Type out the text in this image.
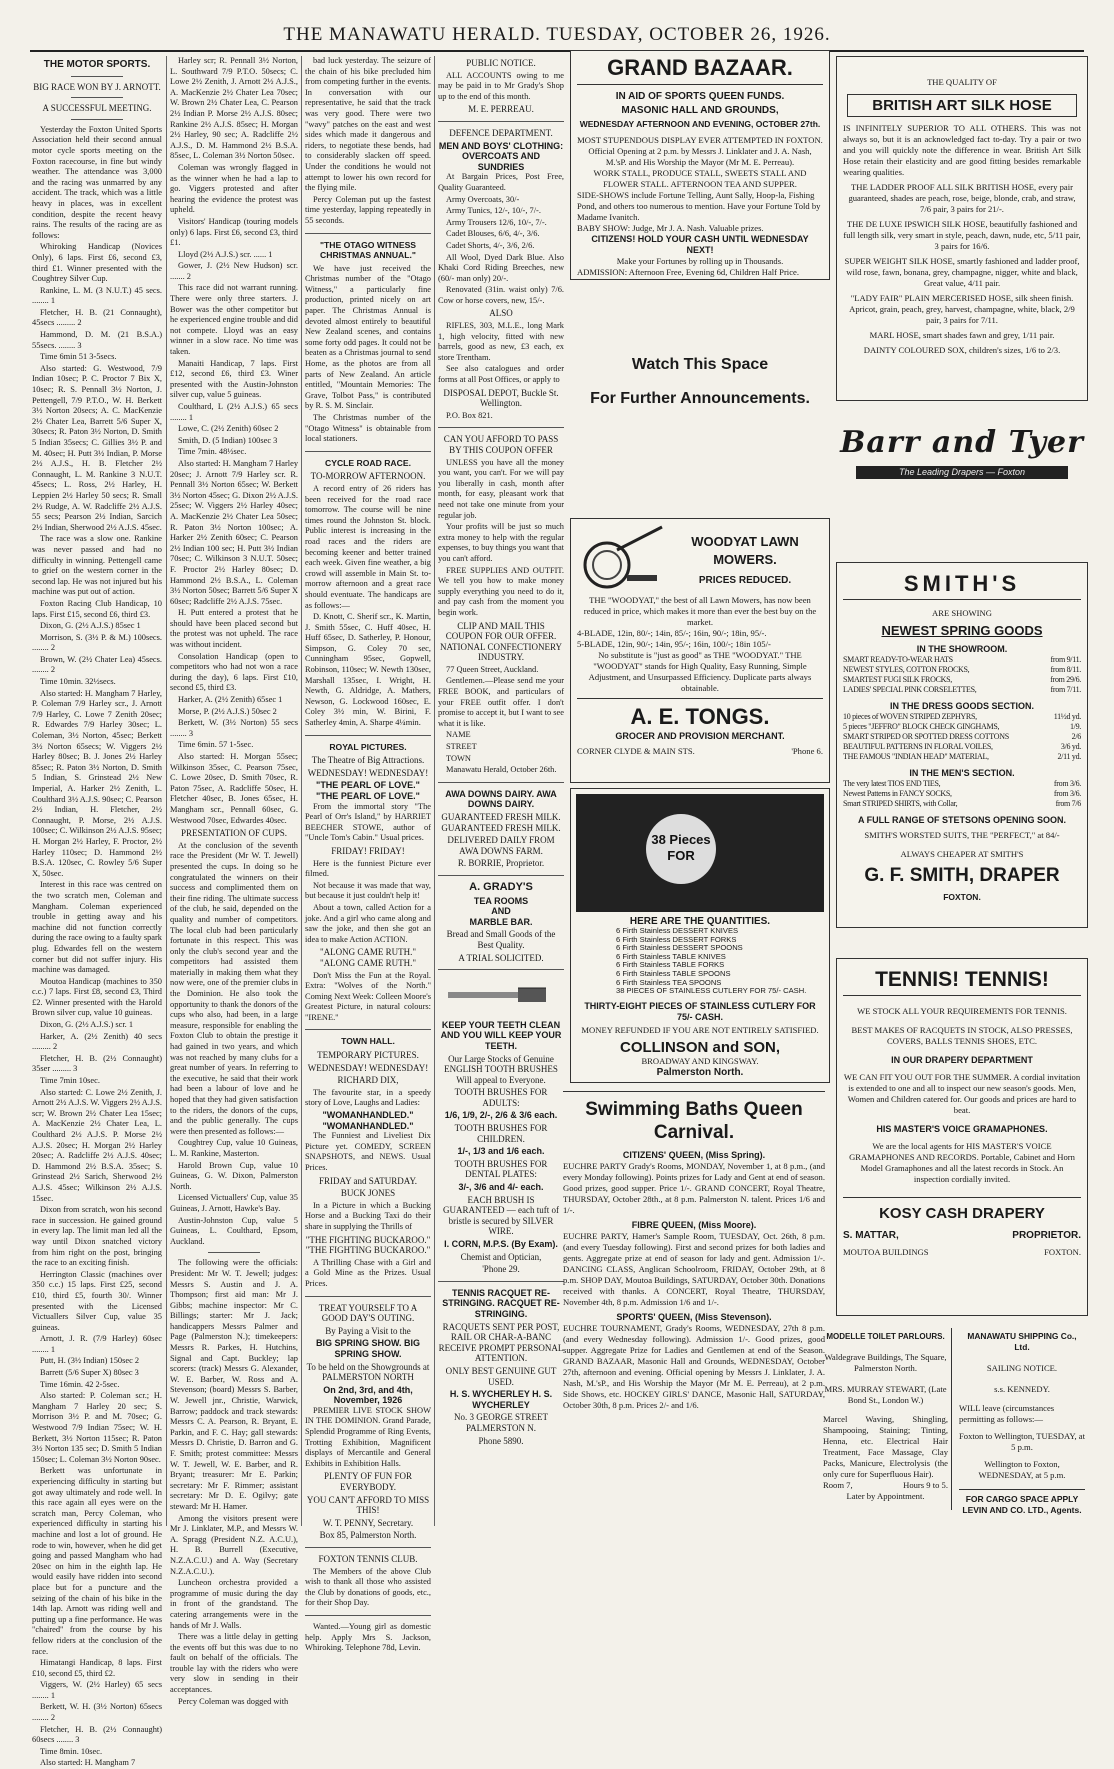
THE MANAWATU HERALD. TUESDAY, OCTOBER 26, 1926.
THE MOTOR SPORTS.
BIG RACE WON BY J. ARNOTT.
A SUCCESSFUL MEETING.

Yesterday the Foxton United Sports Association held their second annual motor cycle sports meeting on the Foxton racecourse, in fine but windy weather. The attendance was 3,000 and the racing was unmarred by any accident. The track, which was a little heavy in places, was in excellent condition, despite the recent heavy rains. The results of the racing are as follows:

Whiroking Handicap (Novices Only), 6 laps. First £6, second £3, third £1. Winner presented with the Coughtrey Silver Cup.

Rankine, L. M. (3 N.U.T.) 45 secs. ........ 1

Fletcher, H. B. (21 Connaught), 45secs ......... 2

Hammond, D. M. (21 B.S.A.) 55secs. ........ 3

Time 6min 51 3-5secs.

Also started: G. Westwood, 7/9 Indian 10sec; P. C. Proctor 7 Bix X, 10sec; R. S. Pennall 3½ Norton, J. Pettengell, 7/9 P.T.O., W. H. Berkett 3½ Norton 20secs; A. C. MacKenzie 2½ Chater Lea, Barrett 5/6 Super X, 30secs; R. Paton 3½ Norton, D. Smith 5 Indian 35secs; C. Gillies 3½ P. and M. 40sec; H. Putt 3½ Indian, P. Morse 2½ A.J.S., H. B. Fletcher 2½ Connaught, L. M. Rankine 3 N.U.T. 45secs; L. Ross, 2½ Harley, H. Leppien 2½ Harley 50 secs; R. Small 2½ Rudge, A. W. Radcliffe 2½ A.J.S. 55 secs; Pearson 2½ Indian, Sarcich 2½ Indian, Sherwood 2½ A.J.S. 45sec.

The race was a slow one. Rankine was never passed and had no difficulty in winning. Pettengell came to grief on the western corner in the second lap. He was not injured but his machine was put out of action.

Foxton Racing Club Handicap, 10 laps. First £15, second £6, third £3.

Dixon, G. (2½ A.J.S.) 85sec 1

Morrison, S. (3½ P. & M.) 100secs. ........ 2

Brown, W. (2½ Chater Lea) 45secs. ........ 2

Time 10min. 32½secs.

Also started: H. Mangham 7 Harley, P. Coleman 7/9 Harley scr., J. Arnott 7/9 Harley, C. Lowe 7 Zenith 20sec; R. Edwardes 7/9 Harley 30sec; L. Coleman, 3½ Norton, 45sec; Berkett 3½ Norton 65secs; W. Viggers 2½ Harley 80sec; B. J. Jones 2½ Harley 85sec; R. Paton 3½ Norton, D. Smith 5 Indian, S. Grinstead 2½ New Imperial, A. Harker 2½ Zenith, L. Coulthard 3½ A.J.S. 90sec; C. Pearson 2½ Indian, H. Fletcher, 2½ Connaught, P. Morse, 2½ A.J.S. 100sec; C. Wilkinson 2½ A.J.S. 95sec; H. Morgan 2½ Harley, F. Proctor, 2½ Harley 110sec; D. Hammond 2½ B.S.A. 120sec, C. Rowley 5/6 Super X, 50sec.

Interest in this race was centred on the two scratch men, Coleman and Mangham. Coleman experienced trouble in getting away and his machine did not function correctly during the race owing to a faulty spark plug. Edwardes fell on the western corner but did not suffer injury. His machine was damaged.

Moutoa Handicap (machines to 350 c.c.) 7 laps. First £8, second £3, Third £2. Winner presented with the Harold Brown silver cup, value 10 guineas.

Dixon, G. (2½ A.J.S.) scr. 1

Harker, A. (2½ Zenith) 40 secs ......... 2

Fletcher, H. B. (2½ Connaught) 35ser ......... 3

Time 7min 10sec.

Also started: C. Lowe 2½ Zenith, J. Arnott 2½ A.J.S. W. Viggers 2½ A.J.S. scr; W. Brown 2½ Chater Lea 15sec; A. MacKenzie 2½ Chater Lea, L. Coulthard 2½ A.J.S. P. Morse 2½ A.J.S. 20sec; H. Morgan 2½ Harley 20sec; A. Radcliffe 2½ A.J.S. 40sec; D. Hammond 2½ B.S.A. 35sec; S. Grinstead 2½ Sarich, Sherwood 2½ A.J.S. 45sec; Wilkinson 2½ A.J.S. 15sec.

Dixon from scratch, won his second race in succession. He gained ground in every lap. The limit man led all the way until Dixon snatched victory from him right on the post, bringing the race to an exciting finish.

Herrington Classic (machines over 350 c.c.) 15 laps. First £25, second £10, third £5, fourth 30/. Winner presented with the Licensed Victuallers Silver Cup, value 35 guineas.

Arnott, J. R. (7/9 Harley) 60sec ........ 1

Putt, H. (3½ Indian) 150sec 2

Barrett (5/6 Super X) 80sec 3

Time 16min. 42 2-5sec.

Also started: P. Coleman scr.; H. Mangham 7 Harley 20 sec; S. Morrison 3½ P. and M. 70sec; G. Westwood 7/9 Indian 75sec; W. H. Berkett, 3½ Norton 115sec; R. Paton 3½ Norton 135 sec; D. Smith 5 Indian 150sec; L. Coleman 3½ Norton 90sec.

Berkett was unfortunate in experiencing difficulty in starting but got away ultimately and rode well. In this race again all eyes were on the scratch man, Percy Coleman, who experienced difficulty in starting his machine and lost a lot of ground. He rode to win, however, when he did get going and passed Mangham who had 20sec on him in the eighth lap. He would easily have ridden into second place but for a puncture and the seizing of the chain of his bike in the 14th lap. Arnott was riding well and putting up a fine performance. He was "chaired" from the course by his fellow riders at the conclusion of the race.

Himatangi Handicap, 8 laps. First £10, second £5, third £2.

Viggers, W. (2½ Harley) 65 secs ........ 1

Berkett, W. H. (3½ Norton) 65secs ........ 2

Fletcher, H. B. (2½ Connaught) 60secs ........ 3

Time 8min. 10sec.

Also started: H. Mangham 7

Harley scr; R. Pennall 3½ Norton, L. Southward 7/9 P.T.O. 50secs; C. Lowe 2½ Zenith, J. Arnott 2½ A.J.S., A. MacKenzie 2½ Chater Lea 70sec; W. Brown 2½ Chater Lea, C. Pearson 2½ Indian P. Morse 2½ A.J.S. 80sec; Rankine 2½ A.J.S. 85sec; H. Morgan 2½ Harley, 90 sec; A. Radcliffe 2½ A.J.S., D. M. Hammond 2½ B.S.A. 85sec, L. Coleman 3½ Norton 50sec.

Coleman was wrongly flagged in as the winner when he had a lap to go. Viggers protested and after hearing the evidence the protest was upheld.

Visitors' Handicap (touring models only) 6 laps. First £6, second £3, third £1.

Lloyd (2½ A.J.S.) scr. ...... 1

Gower, J. (2½ New Hudson) scr. ....... 2

This race did not warrant running. There were only three starters. J. Bower was the other competitor but he experienced engine trouble and did not compete. Lloyd was an easy winner in a slow race. No time was taken.

Manaiti Handicap, 7 laps. First £12, second £6, third £3. Winer presented with the Austin-Johnston silver cup, value 5 guineas.

Coulthard, L (2½ A.J.S.) 65 secs ........ 1

Lowe, C. (2½ Zenith) 60sec 2

Smith, D. (5 Indian) 100sec 3

Time 7min. 48½sec.

Also started: H. Mangham 7 Harley 20sec; J. Arnott 7/9 Harley scr. R. Pennall 3½ Norton 65sec; W. Berkett 3½ Norton 45sec; G. Dixon 2½ A.J.S. 25sec; W. Viggers 2½ Harley 40sec; A. MacKenzie 2½ Chater Lea 50sec; R. Paton 3½ Norton 100sec; A. Harker 2½ Zenith 60sec; C. Pearson 2½ Indian 100 sec; H. Putt 3½ Indian 70sec; C. Wilkinson 3 N.U.T. 50sec; F. Proctor 2½ Harley 80sec; D. Hammond 2½ B.S.A., L. Coleman 3½ Norton 50sec; Barrett 5/6 Super X 60sec; Radcliffe 2½ A.J.S. 75sec.

H. Putt entered a protest that he should have been placed second but the protest was not upheld. The race was without incident.

Consolation Handicap (open to competitors who had not won a race during the day), 6 laps. First £10, second £5, third £3.

Harker, A. (2½ Zenith) 65sec 1

Morse, P. (2½ A.J.S.) 50sec 2

Berkett, W. (3½ Norton) 55 secs ........ 3

Time 6min. 57 1-5sec.

Also started: H. Morgan 55sec; Wilkinson 35sec, C. Pearson 75sec, C. Lowe 20sec, D. Smith 70sec, R. Paton 75sec, A. Radcliffe 50sec, H. Fletcher 40sec, B. Jones 65sec, H. Mangham scr., Pennall 60sec, G. Westwood 70sec, Edwardes 40sec.

PRESENTATION OF CUPS.

At the conclusion of the seventh race the President (Mr W. T. Jewell) presented the cups. In doing so he congratulated the winners on their success and complimented them on their fine riding. The ultimate success of the club, he said, depended on the quality and number of competitors. The local club had been particularly fortunate in this respect. This was only the club's second year and the competitors had assisted them materially in making them what they now were, one of the premier clubs in the Dominion. He also took the opportunity to thank the donors of the cups who also, had been, in a large measure, responsible for enabling the Foxton Club to obtain the prestige it had gained in two years, and which was not reached by many clubs for a great number of years. In referring to the executive, he said that their work had been a labour of love and he hoped that they had given satisfaction to the riders, the donors of the cups, and the public generally. The cups were then presented as follows:—

Coughtrey Cup, value 10 Guineas, L. M. Rankine, Masterton.

Harold Brown Cup, value 10 Guineas, G. W. Dixon, Palmerston North.

Licensed Victuallers' Cup, value 35 Guineas, J. Arnott, Hawke's Bay.

Austin-Johnston Cup, value 5 Guineas, L. Coulthard, Epsom, Auckland.

The following were the officials: President: Mr W. T. Jewell; judges: Messrs S. Austin and J. A. Thompson; first aid man: Mr J. Gibbs; machine inspector: Mr C. Billings; starter: Mr J. Jack; handicappers Messrs Palmer and Page (Palmerston N.); timekeepers: Messrs R. Parkes, H. Hutchins, Signal and Capt. Buckley; lap scorers: (track) Messrs G. Alexander, W. E. Barber, W. Ross and A. Stevenson; (board) Messrs S. Barber, W. Jewell jnr., Christie, Warwick, Barrow; paddock and track stewards: Messrs C. A. Pearson, R. Bryant, E. Parkin, and F. C. Hay; gall stewards: Messrs D. Christie, D. Barron and G. F. Smith; protest committee: Messrs W. T. Jewell, W. E. Barber, and R. Bryant; treasurer: Mr E. Parkin; secretary: Mr F. Rimmer; assistant secretary: Mr D. E. Ogilvy; gate steward: Mr H. Hamer.

Among the visitors present were Mr J. Linklater, M.P., and Messrs W. A. Spragg (President N.Z. A.C.U.), H. B. Burrell (Executive, N.Z.A.C.U.) and A. Way (Secretary N.Z.A.C.U.).

Luncheon orchestra provided a programme of music during the day in front of the grandstand. The catering arrangements were in the hands of Mr J. Walls.

There was a little delay in getting the events off but this was due to no fault on behalf of the officials. The trouble lay with the riders who were very slow in sending in their acceptances.

Percy Coleman was dogged with

bad luck yesterday. The seizure of the chain of his bike precluded him from competing further in the events. In conversation with our representative, he said that the track was very good. There were two "wavy" patches on the east and west sides which made it dangerous and riders, to negotiate these bends, had to considerably slacken off speed. Under the conditions he would not attempt to lower his own record for the flying mile.

Percy Coleman put up the fastest time yesterday, lapping repeatedly in 55 seconds.

"THE OTAGO WITNESS CHRISTMAS ANNUAL."

We have just received the Christmas number of the "Otago Witness," a particularly fine production, printed nicely on art paper. The Christmas Annual is devoted almost entirely to beautiful New Zealand scenes, and contains some forty odd pages. It could not be beaten as a Christmas journal to send Home, as the photos are from all parts of New Zealand. An article entitled, "Mountain Memories: The Grave, Tolbot Pass," is contributed by R. S. M. Sinclair.

The Christmas number of the "Otago Witness" is obtainable from local stationers.

CYCLE ROAD RACE.
TO-MORROW AFTERNOON.

A record entry of 26 riders has been received for the road race tomorrow. The course will be nine times round the Johnston St. block. Public interest is increasing in the road races and the riders are becoming keener and better trained each week. Given fine weather, a big crowd will assemble in Main St. to-morrow afternoon and a great race should eventuate. The handicaps are as follows:—

D. Knott, C. Sherif scr., K. Martin, J. Smith 55sec, C. Huff 40sec, H. Huff 65sec, D. Satherley, P. Honour, Simpson, G. Coley 70 sec, Cunningham 95sec, Gopwell, Robinson, 110sec; W. Newth 130sec, Marshall 135sec, I. Wright, H. Newth, G. Aldridge, A. Mathers, Newson, G. Lockwood 160sec, E. Coley 3½ min, W. Birini, F. Satherley 4min, A. Sharpe 4¼min.

ROYAL PICTURES.
The Theatre of Big Attractions.
WEDNESDAY! WEDNESDAY!
"THE PEARL OF LOVE." "THE PEARL OF LOVE."

From the immortal story "The Pearl of Orr's Island," by HARRIET BEECHER STOWE, author of "Uncle Tom's Cabin." Usual prices.

FRIDAY! FRIDAY!

Here is the funniest Picture ever filmed.

Not because it was made that way, but because it just couldn't help it!

About a town, called Action for a joke. And a girl who came along and saw the joke, and then she got an idea to make Action ACTION.

"ALONG CAME RUTH." "ALONG CAME RUTH."

Don't Miss the Fun at the Royal. Extra: "Wolves of the North." Coming Next Week: Colleen Moore's Greatest Picture, in natural colours: "IRENE."

TOWN HALL.
TEMPORARY PICTURES.
WEDNESDAY! WEDNESDAY!
RICHARD DIX,

The favourite star, in a speedy story of Love, Laughs and Ladies:

"WOMANHANDLED." "WOMANHANDLED."

The Funniest and Liveliest Dix Picture yet. COMEDY, SCREEN SNAPSHOTS, and NEWS. Usual Prices.

FRIDAY and SATURDAY.
BUCK JONES

In a Picture in which a Bucking Horse and a Bucking Taxi do their share in supplying the Thrills of

"THE FIGHTING BUCKAROO." "THE FIGHTING BUCKAROO."

A Thrilling Chase with a Girl and a Gold Mine as the Prizes. Usual Prices.

TREAT YOURSELF TO A GOOD DAY'S OUTING.
By Paying a Visit to the
BIG SPRING SHOW. BIG SPRING SHOW.
To be held on the Showgrounds at PALMERSTON NORTH
On 2nd, 3rd, and 4th, November, 1926

PREMIER LIVE STOCK SHOW IN THE DOMINION. Grand Parade, Splendid Programme of Ring Events, Trotting Exhibition, Magnificent displays of Mercantile and General Exhibits in Exhibition Halls.

PLENTY OF FUN FOR EVERYBODY.
YOU CAN'T AFFORD TO MISS THIS!
W. T. PENNY, Secretary.
Box 85, Palmerston North.
FOXTON TENNIS CLUB.

The Members of the above Club wish to thank all those who assisted the Club by donations of goods, etc., for their Shop Day.

Wanted.—Young girl as domestic help. Apply Mrs S. Jackson, Whiroking. Telephone 78d, Levin.

PUBLIC NOTICE.

ALL ACCOUNTS owing to me may be paid in to Mr Grady's Shop up to the end of this month.

M. E. PERREAU.
DEFENCE DEPARTMENT.
MEN AND BOYS' CLOTHING: OVERCOATS AND SUNDRIES

At Bargain Prices, Post Free, Quality Guaranteed.

Army Overcoats, 30/-

Army Tunics, 12/-, 10/-, 7/-.

Army Trousers 12/6, 10/-, 7/-.

Cadet Blouses, 6/6, 4/-, 3/6.

Cadet Shorts, 4/-, 3/6, 2/6.

All Wool, Dyed Dark Blue. Also Khaki Cord Riding Breeches, new (60/- man only) 20/-.

Renovated (31in. waist only) 7/6. Cow or horse covers, new, 15/-.

ALSO

RIFLES, 303, M.L.E., long Mark 1, high velocity, fitted with new barrels, good as new, £3 each, ex store Trentham.

See also catalogues and order forms at all Post Offices, or apply to

DISPOSAL DEPOT, Buckle St. Wellington.

P.O. Box 821.

CAN YOU AFFORD TO PASS BY THIS COUPON OFFER

UNLESS you have all the money you want, you can't. For we will pay you liberally in cash, month after month, for easy, pleasant work that need not take one minute from your regular job.

Your profits will be just so much extra money to help with the regular expenses, to buy things you want that you can't afford.

FREE SUPPLIES AND OUTFIT. We tell you how to make money supply everything you need to do it, and pay cash from the moment you begin work.

CLIP AND MAIL THIS COUPON FOR OUR OFFER. NATIONAL CONFECTIONERY INDUSTRY.

77 Queen Street, Auckland.

Gentlemen.—Please send me your FREE BOOK, and particulars of your FREE outfit offer. I don't promise to accept it, but I want to see what it is like.

NAME

STREET

TOWN

Manawatu Herald, October 26th.

AWA DOWNS DAIRY. AWA DOWNS DAIRY.
GUARANTEED FRESH MILK. GUARANTEED FRESH MILK.
DELIVERED DAILY FROM AWA DOWNS FARM.
R. BORRIE, Proprietor.
A. GRADY'S
TEA ROOMS
AND
MARBLE BAR.
Bread and Small Goods of the Best Quality.
A TRIAL SOLICITED.
KEEP YOUR TEETH CLEAN AND YOU WILL KEEP YOUR TEETH.
Our Large Stocks of Genuine ENGLISH TOOTH BRUSHES Will appeal to Everyone.
TOOTH BRUSHES FOR ADULTS:
1/6, 1/9, 2/-, 2/6 & 3/6 each.
TOOTH BRUSHES FOR CHILDREN.
1/-, 1/3 and 1/6 each.
TOOTH BRUSHES FOR DENTAL PLATES:
3/-, 3/6 and 4/- each.
EACH BRUSH IS GUARANTEED — each tuft of bristle is secured by SILVER WIRE.
I. CORN, M.P.S. (By Exam).
Chemist and Optician,
'Phone 29.
TENNIS RACQUET RE-STRINGING. RACQUET RE-STRINGING.
RACQUETS SENT PER POST, RAIL OR CHAR-A-BANC RECEIVE PROMPT PERSONAL ATTENTION.
ONLY BEST GENUINE GUT USED.
H. S. WYCHERLEY H. S. WYCHERLEY
No. 3 GEORGE STREET PALMERSTON N.
Phone 5890.
GRAND BAZAAR.
IN AID OF SPORTS QUEEN FUNDS.
MASONIC HALL AND GROUNDS,
WEDNESDAY AFTERNOON AND EVENING, OCTOBER 27th.
MOST STUPENDOUS DISPLAY EVER ATTEMPTED IN FOXTON. Official Opening at 2 p.m. by Messrs J. Linklater and J. A. Nash, M.'sP. and His Worship the Mayor (Mr M. E. Perreau).
WORK STALL, PRODUCE STALL, SWEETS STALL AND FLOWER STALL. AFTERNOON TEA AND SUPPER.
SIDE-SHOWS include Fortune Telling, Aunt Sally, Hoop-la, Fishing Pond, and others too numerous to mention. Have your Fortune Told by Madame Ivanitch.
BABY SHOW: Judge, Mr J. A. Nash. Valuable prizes.
CITIZENS! HOLD YOUR CASH UNTIL WEDNESDAY NEXT!
Make your Fortunes by rolling up in Thousands.
ADMISSION: Afternoon Free, Evening 6d, Children Half Price.
Watch This Space
For Further Announcements.
WOODYAT LAWN MOWERS.
PRICES REDUCED.
THE "WOODYAT," the best of all Lawn Mowers, has now been reduced in price, which makes it more than ever the best buy on the market.
4-BLADE, 12in, 80/-; 14in, 85/-; 16in, 90/-; 18in, 95/-.
5-BLADE, 12in, 90/-; 14in, 95/-; 16in, 100/-; 18in 105/-
No substitute is "just as good" as THE "WOODYAT." THE "WOODYAT" stands for High Quality, Easy Running, Simple Adjustment, and Unsurpassed Efficiency. Duplicate parts always obtainable.
A. E. TONGS.
GROCER AND PROVISION MERCHANT.
CORNER CLYDE & MAIN STS.	'Phone 6.
38 Pieces FOR
HERE ARE THE QUANTITIES.
6 Firth Stainless DESSERT KNIVES
6 Firth Stainless DESSERT FORKS
6 Firth Stainless DESSERT SPOONS
6 Firth Stainless TABLE KNIVES
6 Firth Stainless TABLE FORKS
6 Firth Stainless TABLE SPOONS
6 Firth Stainless TEA SPOONS
38 PIECES OF STAINLESS CUTLERY FOR 75/- CASH.
THIRTY-EIGHT PIECES OF STAINLESS CUTLERY FOR 75/- CASH.
MONEY REFUNDED IF YOU ARE NOT ENTIRELY SATISFIED.
COLLINSON and SON,
BROADWAY AND KINGSWAY.
Palmerston North.
Swimming Baths Queen Carnival.
CITIZENS' QUEEN, (Miss Spring).
EUCHRE PARTY Grady's Rooms, MONDAY, November 1, at 8 p.m., (and every Monday following). Points prizes for Lady and Gent at end of season. Good prizes, good supper. Price 1/-. GRAND CONCERT, Royal Theatre, THURSDAY, October 28th., at 8 p.m. Palmerston N. talent. Prices 1/6 and 1/-.
FIBRE QUEEN, (Miss Moore).
EUCHRE PARTY, Hamer's Sample Room, TUESDAY, Oct. 26th, 8 p.m. (and every Tuesday following). First and second prizes for both ladies and gents. Aggregate prize at end of season for lady and gent. Admission 1/-. DANCING CLASS, Anglican Schoolroom, FRIDAY, October 29th, at 8 p.m. SHOP DAY, Moutoa Buildings, SATURDAY, October 30th. Donations received with thanks. A CONCERT, Royal Theatre, THURSDAY, November 4th, 8 p.m. Admission 1/6 and 1/-.
SPORTS' QUEEN, (Miss Stevenson).
EUCHRE TOURNAMENT, Grady's Rooms, WEDNESDAY, 27th 8 p.m. (and every Wednesday following). Admission 1/-. Good prizes, good supper. Aggregate Prize for Ladies and Gentlemen at end of the Season. GRAND BAZAAR, Masonic Hall and Grounds, WEDNESDAY, October 27th, afternoon and evening. Official opening by Messrs J. Linklater, J. A. Nash, M.'sP., and His Worship the Mayor (Mr M. E. Perreau), at 2 p.m. Side Shows, etc. HOCKEY GIRLS' DANCE, Masonic Hall, SATURDAY, October 30th, 8 p.m. Prices 2/- and 1/6.
THE QUALITY OF
BRITISH ART SILK HOSE
IS INFINITELY SUPERIOR TO ALL OTHERS. This was not always so, but it is an acknowledged fact to-day. Try a pair or two and you will quickly note the difference in wear. British Art Silk Hose retain their elasticity and are good fitting besides remarkable wearing qualities.
THE LADDER PROOF ALL SILK BRITISH HOSE, every pair guaranteed, shades are peach, rose, beige, blonde, crab, and straw, 7/6 pair, 3 pairs for 21/-.
THE DE LUXE IPSWICH SILK HOSE, beautifully fashioned and full length silk, very smart in style, peach, dawn, nude, etc, 5/11 pair, 3 pairs for 16/6.
SUPER WEIGHT SILK HOSE, smartly fashioned and ladder proof, wild rose, fawn, bonana, grey, champagne, nigger, white and black, Great value, 4/11 pair.
"LADY FAIR" PLAIN MERCERISED HOSE, silk sheen finish. Apricot, grain, peach, grey, harvest, champagne, white, black, 2/9 pair, 3 pairs for 7/11.
MARL HOSE, smart shades fawn and grey, 1/11 pair.
DAINTY COLOURED SOX, children's sizes, 1/6 to 2/3.
Barr and Tyer
The Leading Drapers — Foxton
SMITH'S
ARE SHOWING
NEWEST SPRING GOODS
IN THE SHOWROOM.
SMART READY-TO-WEAR HATS	from 9/11.
NEWEST STYLES, COTTON FROCKS,	from 8/11.
SMARTEST FUGI SILK FROCKS,	from 29/6.
LADIES' SPECIAL PINK CORSELETTES,	from 7/11.
IN THE DRESS GOODS SECTION.
10 pieces of WOVEN STRIPED ZEPHYRS,	11½d yd.
5 pieces "JEFFRO" BLOCK CHECK GINGHAMS,	1/9.
SMART STRIPED OR SPOTTED DRESS COTTONS	2/6
BEAUTIFUL PATTERNS IN FLORAL VOILES,	3/6 yd.
THE FAMOUS "INDIAN HEAD" MATERIAL,	2/11 yd.
IN THE MEN'S SECTION.
The very latest TIOS END TIES,	from 3/6.
Newest Patterns in FANCY SOCKS,	from 3/6.
Smart STRIPED SHIRTS, with Collar,	from 7/6
A FULL RANGE OF STETSONS OPENING SOON.
SMITH'S WORSTED SUITS, THE "PERFECT," at 84/-
ALWAYS CHEAPER AT SMITH'S
G. F. SMITH, DRAPER
FOXTON.
TENNIS! TENNIS!
WE STOCK ALL YOUR REQUIREMENTS FOR TENNIS.
BEST MAKES OF RACQUETS IN STOCK, ALSO PRESSES, COVERS, BALLS TENNIS SHOES, ETC.
IN OUR DRAPERY DEPARTMENT
WE CAN FIT YOU OUT FOR THE SUMMER. A cordial invitation is extended to one and all to inspect our new season's goods. Men, Women and Children catered for. Our goods and prices are hard to beat.
HIS MASTER'S VOICE GRAMAPHONES.
We are the local agents for HIS MASTER'S VOICE GRAMAPHONES AND RECORDS. Portable, Cabinet and Horn Model Gramaphones and all the latest records in Stock. An inspection cordially invited.
KOSY CASH DRAPERY
S. MATTAR,	PROPRIETOR.
MOUTOA BUILDINGS	FOXTON.
MODELLE TOILET PARLOURS.
Waldegrave Buildings, The Square, Palmerston North.
MRS. MURRAY STEWART, (Late Bond St., London W.)
Marcel Waving, Shingling, Shampooing, Staining; Tinting, Henna, etc. Electrical Hair Treatment, Face Massage, Clay Packs, Manicure, Electrolysis (the only cure for Superfluous Hair).
Room 7,	Hours 9 to 5.
Later by Appointment.
MANAWATU SHIPPING Co., Ltd.
SAILING NOTICE.
s.s. KENNEDY.
WILL leave (circumstances permitting as follows:—
Foxton to Wellington, TUESDAY, at 5 p.m.
Wellington to Foxton, WEDNESDAY, at 5 p.m.
FOR CARGO SPACE APPLY LEVIN AND CO. LTD., Agents.
